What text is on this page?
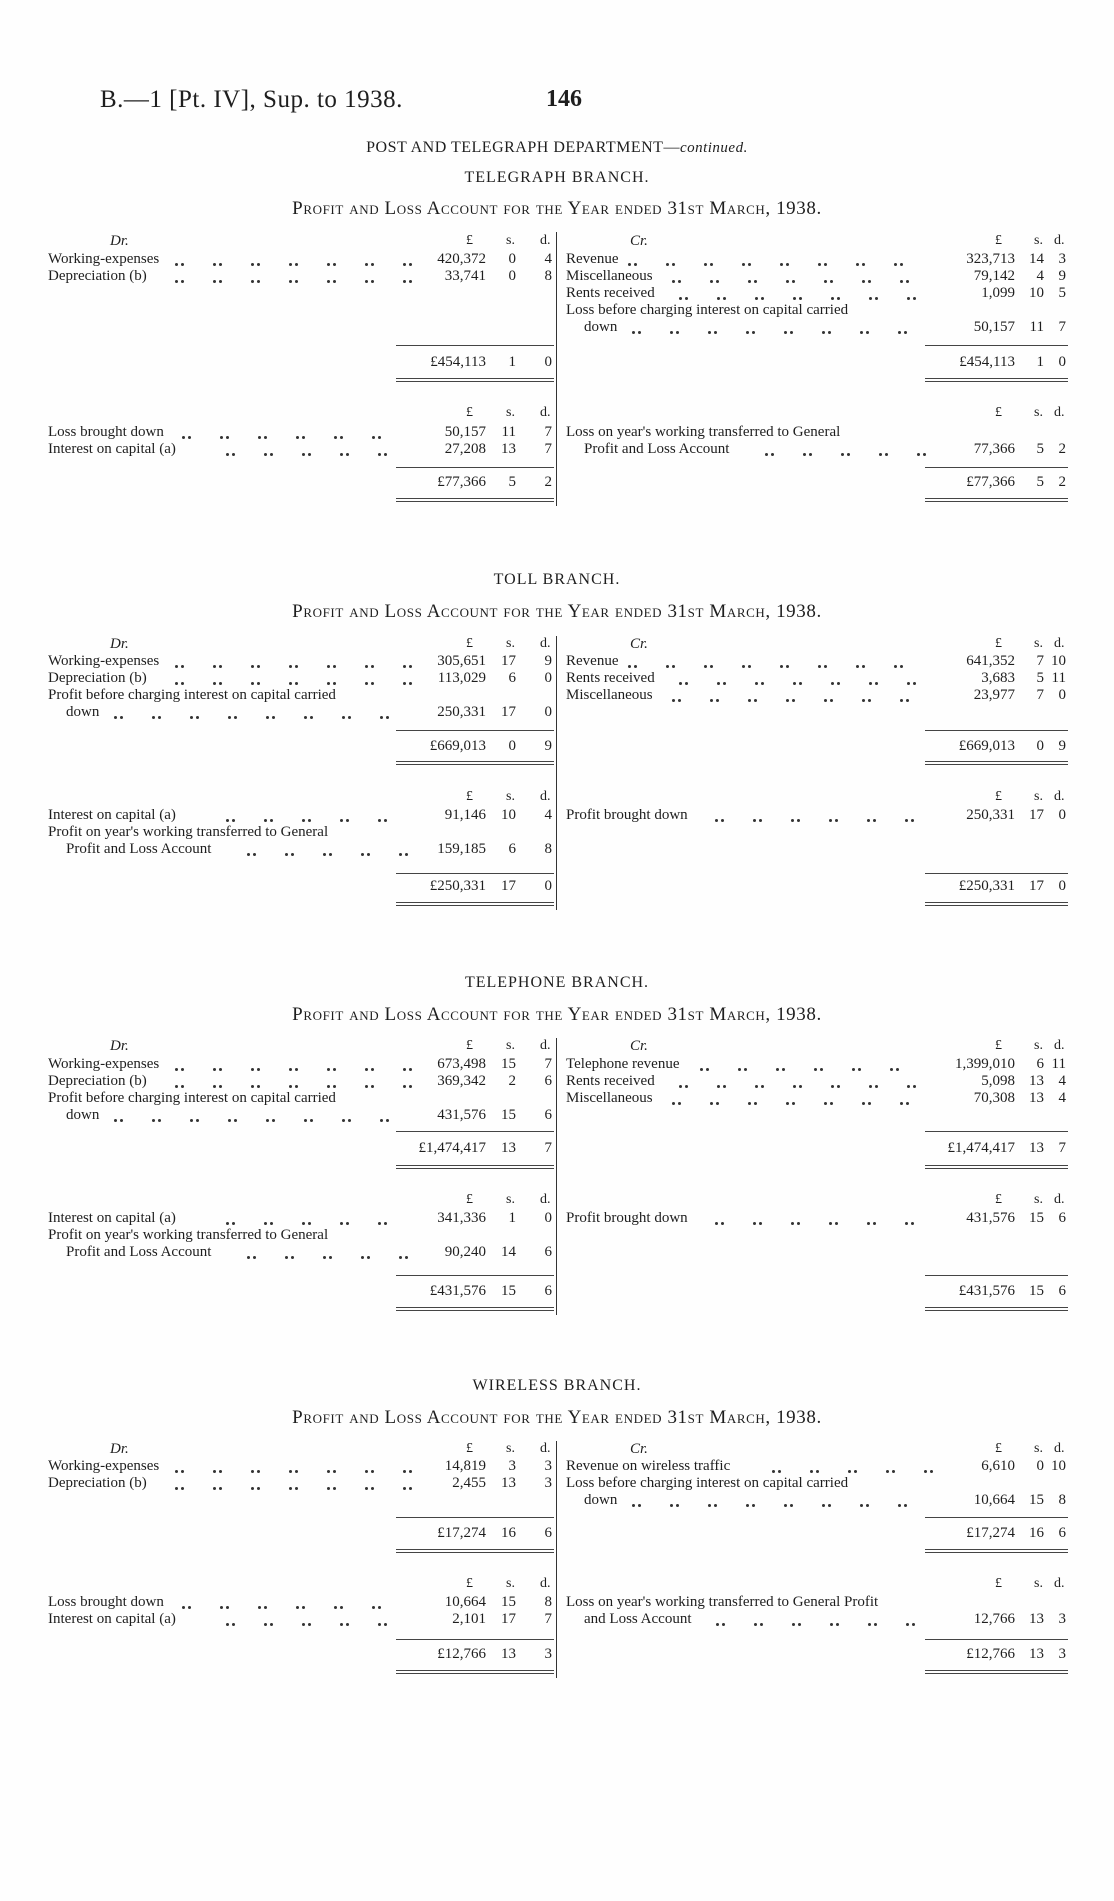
B.—1 [Pt. IV], Sup. to 1938.	146
POST AND TELEGRAPH DEPARTMENT—continued.
TELEGRAPH BRANCH.
Profit and Loss Account for the Year ended 31st March, 1938.
Dr.	Cr.
£ s. d.	£ s. d.
Working-expenses	420,372 0 4
Depreciation (b)	33,741 0 8
Revenue	323,713 14 3
Miscellaneous	79,142 4 9
Rents received	1,099 10 5
Loss before charging interest on capital carried
down	50,157 11 7
£454,113 1 0	£454,113 1 0
£ s. d.	£ s. d.
Loss brought down	50,157 11 7
Interest on capital (a)	27,208 13 7
Loss on year's working transferred to General
Profit and Loss Account	77,366 5 2
£77,366 5 2	£77,366 5 2
TOLL BRANCH.
Profit and Loss Account for the Year ended 31st March, 1938.
Dr.	Cr.
£ s. d.	£ s. d.
Working-expenses	305,651 17 9
Depreciation (b)	113,029 6 0
Profit before charging interest on capital carried
down	250,331 17 0
Revenue	641,352 7 10
Rents received	3,683 5 11
Miscellaneous	23,977 7 0
£669,013 0 9	£669,013 0 9
£ s. d.	£ s. d.
Interest on capital (a)	91,146 10 4
Profit on year's working transferred to General
Profit and Loss Account	159,185 6 8
Profit brought down	250,331 17 0
£250,331 17 0	£250,331 17 0
TELEPHONE BRANCH.
Profit and Loss Account for the Year ended 31st March, 1938.
Dr.	Cr.
£ s. d.	£ s. d.
Working-expenses	673,498 15 7
Depreciation (b)	369,342 2 6
Profit before charging interest on capital carried
down	431,576 15 6
Telephone revenue	1,399,010 6 11
Rents received	5,098 13 4
Miscellaneous	70,308 13 4
£1,474,417 13 7	£1,474,417 13 7
£ s. d.	£ s. d.
Interest on capital (a)	341,336 1 0
Profit on year's working transferred to General
Profit and Loss Account	90,240 14 6
Profit brought down	431,576 15 6
£431,576 15 6	£431,576 15 6
WIRELESS BRANCH.
Profit and Loss Account for the Year ended 31st March, 1938.
Dr.	Cr.
£ s. d.	£ s. d.
Working-expenses	14,819 3 3
Depreciation (b)	2,455 13 3
Revenue on wireless traffic	6,610 0 10
Loss before charging interest on capital carried
down	10,664 15 8
£17,274 16 6	£17,274 16 6
£ s. d.	£ s. d.
Loss brought down	10,664 15 8
Interest on capital (a)	2,101 17 7
Loss on year's working transferred to General Profit
and Loss Account	12,766 13 3
£12,766 13 3	£12,766 13 3
